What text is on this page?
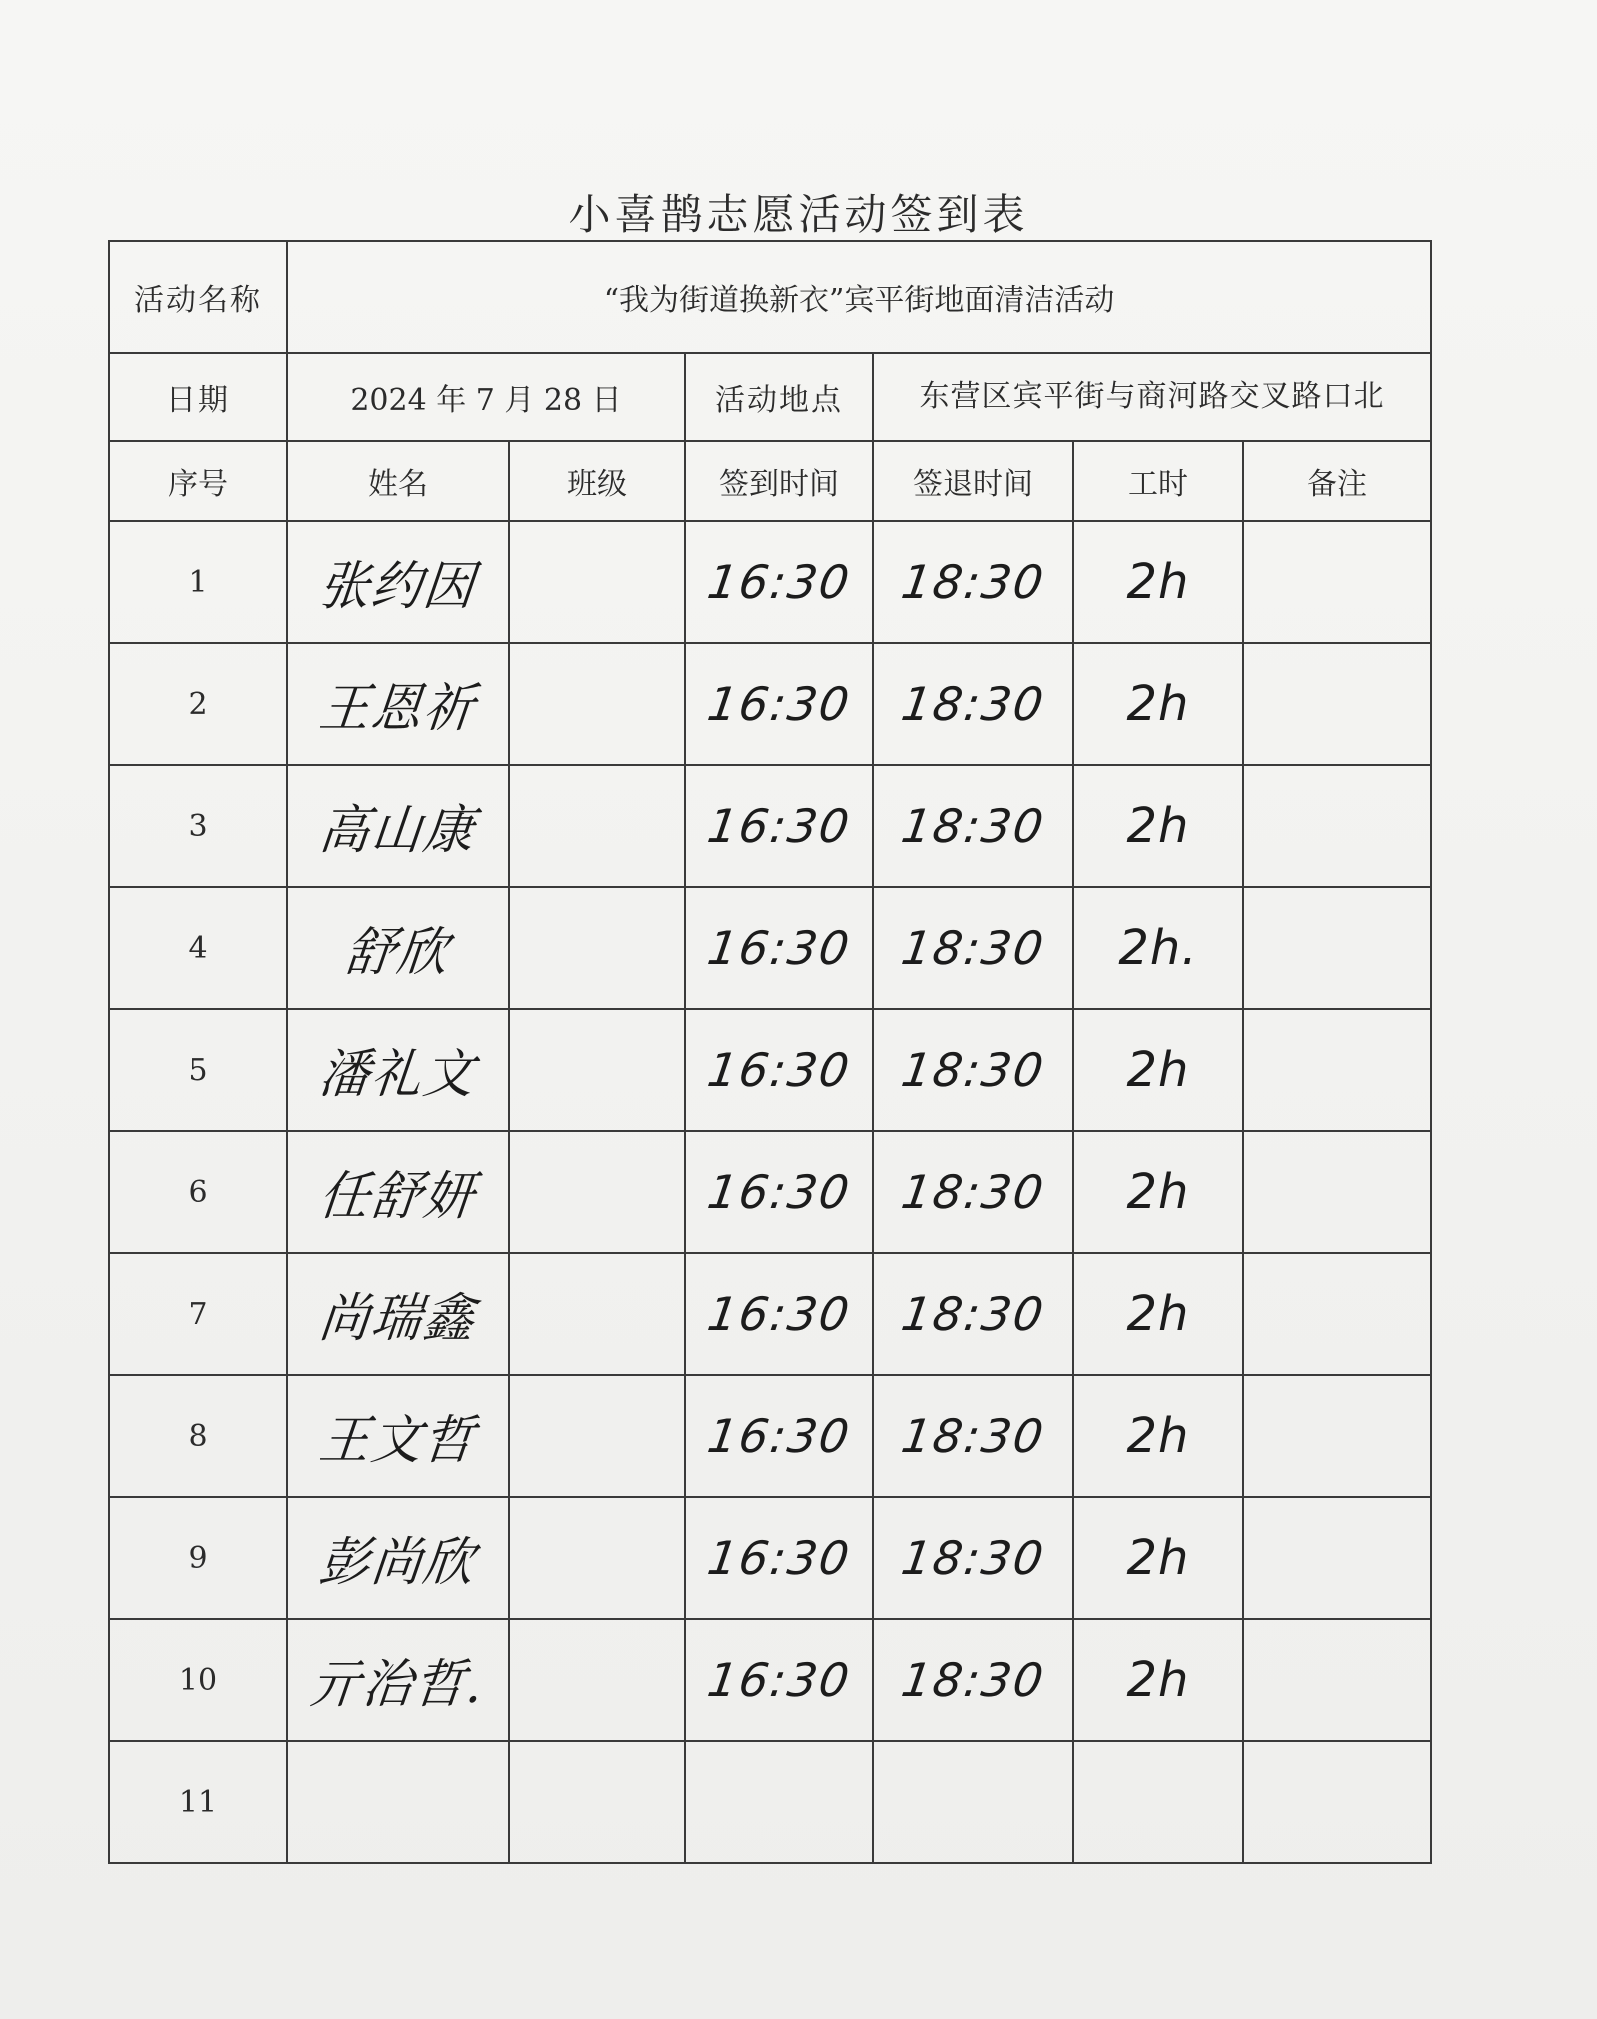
小喜鹊志愿活动签到表
活动名称	“我为街道换新衣”宾平街地面清洁活动					
日期	2024 年 7 月 28 日		活动地点	东营区宾平街与商河路交叉路口北		
序号	姓名	班级	签到时间	签退时间	工时	备注
1	张约因		16:30	18:30	2h	
2	王恩祈		16:30	18:30	2h	
3	高山康		16:30	18:30	2h	
4	舒欣		16:30	18:30	2h.	
5	潘礼文		16:30	18:30	2h	
6	任舒妍		16:30	18:30	2h	
7	尚瑞鑫		16:30	18:30	2h	
8	王文哲		16:30	18:30	2h	
9	彭尚欣		16:30	18:30	2h	
10	亓治哲.		16:30	18:30	2h	
11						
